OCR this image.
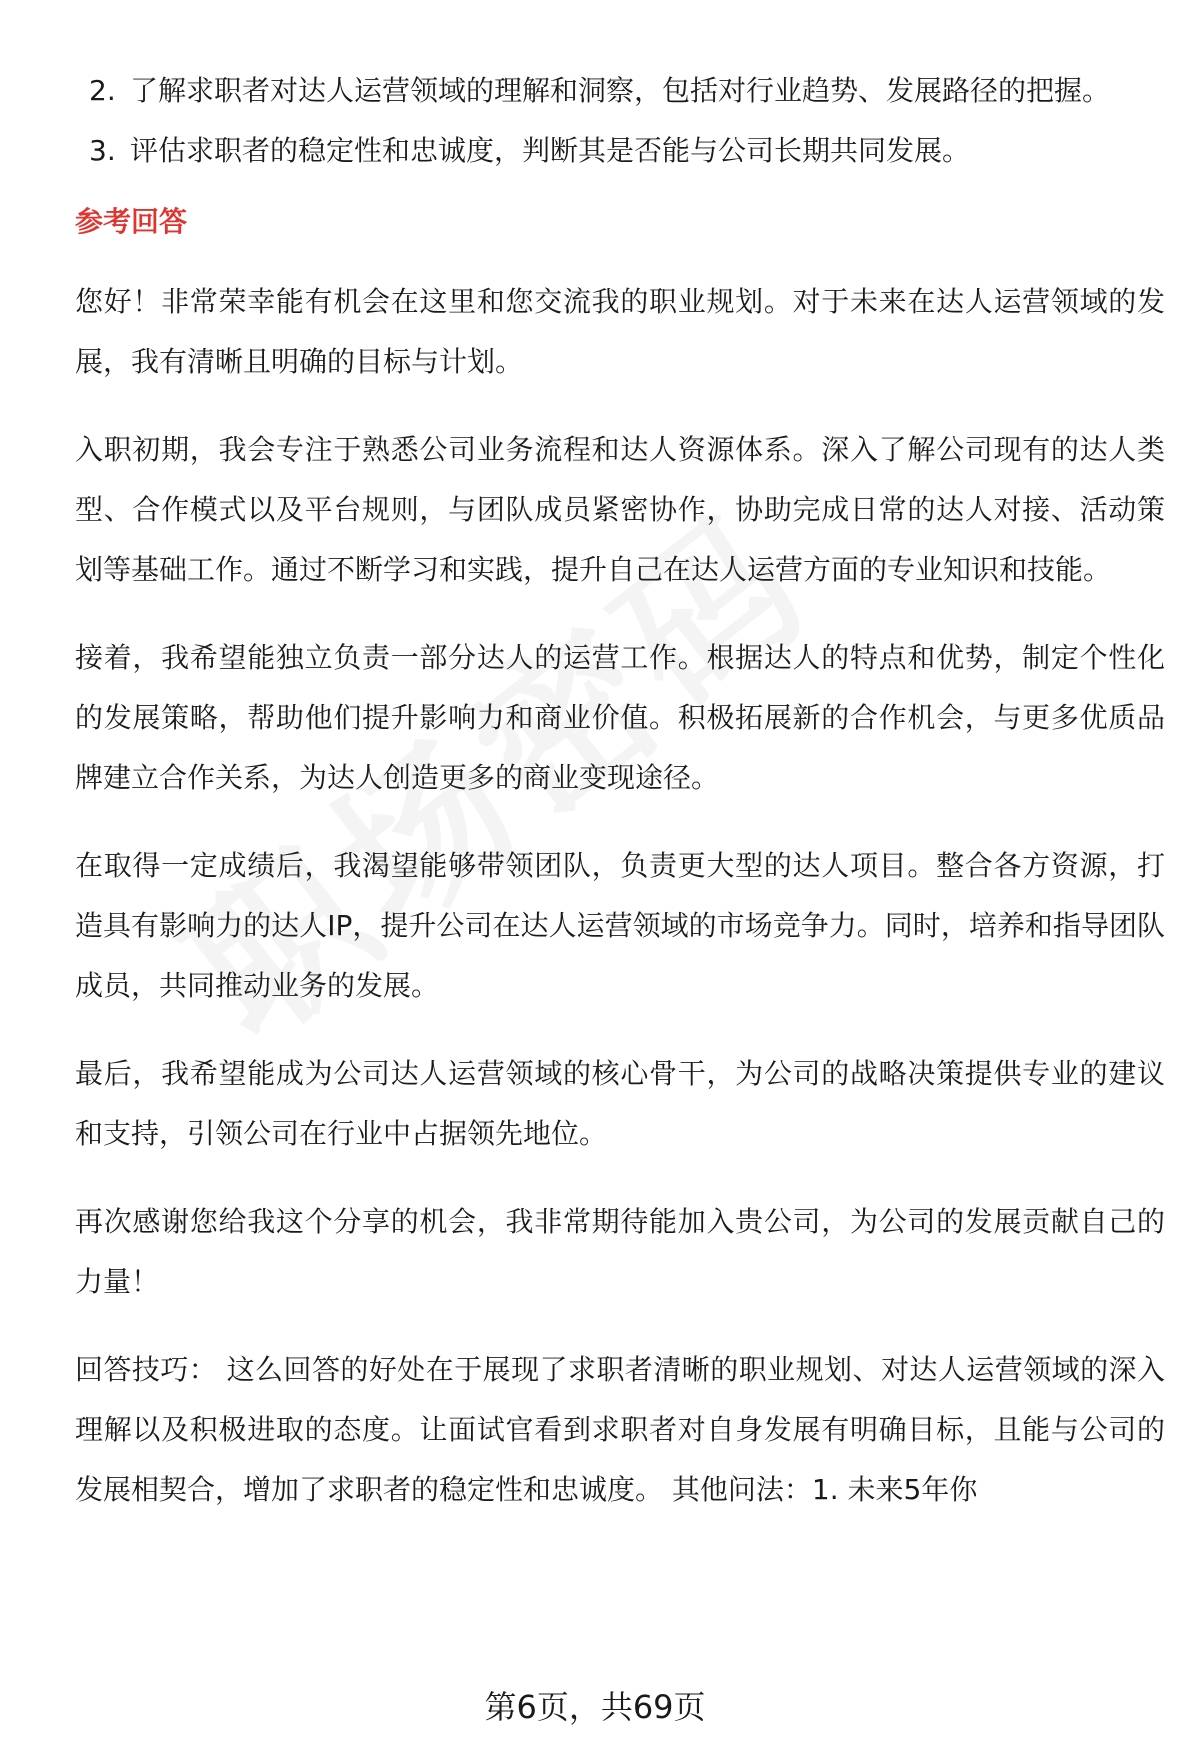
2. 了解求职者对达人运营领域的理解和洞察，包括对行业趋势、发展路径的把握。
3. 评估求职者的稳定性和忠诚度，判断其是否能与公司长期共同发展。
参考回答

您好！非常荣幸能有机会在这里和您交流我的职业规划。对于未来在达人运营领域的发展，我有清晰且明确的目标与计划。

入职初期，我会专注于熟悉公司业务流程和达人资源体系。深入了解公司现有的达人类型、合作模式以及平台规则，与团队成员紧密协作，协助完成日常的达人对接、活动策划等基础工作。通过不断学习和实践，提升自己在达人运营方面的专业知识和技能。

接着，我希望能独立负责一部分达人的运营工作。根据达人的特点和优势，制定个性化的发展策略，帮助他们提升影响力和商业价值。积极拓展新的合作机会，与更多优质品牌建立合作关系，为达人创造更多的商业变现途径。

在取得一定成绩后，我渴望能够带领团队，负责更大型的达人项目。整合各方资源，打造具有影响力的达人IP，提升公司在达人运营领域的市场竞争力。同时，培养和指导团队成员，共同推动业务的发展。

最后，我希望能成为公司达人运营领域的核心骨干，为公司的战略决策提供专业的建议和支持，引领公司在行业中占据领先地位。

再次感谢您给我这个分享的机会，我非常期待能加入贵公司，为公司的发展贡献自己的力量！

回答技巧： 这么回答的好处在于展现了求职者清晰的职业规划、对达人运营领域的深入理解以及积极进取的态度。让面试官看到求职者对自身发展有明确目标，且能与公司的发展相契合，增加了求职者的稳定性和忠诚度。 其他问法：1. 未来5年你

第6页，共69页
